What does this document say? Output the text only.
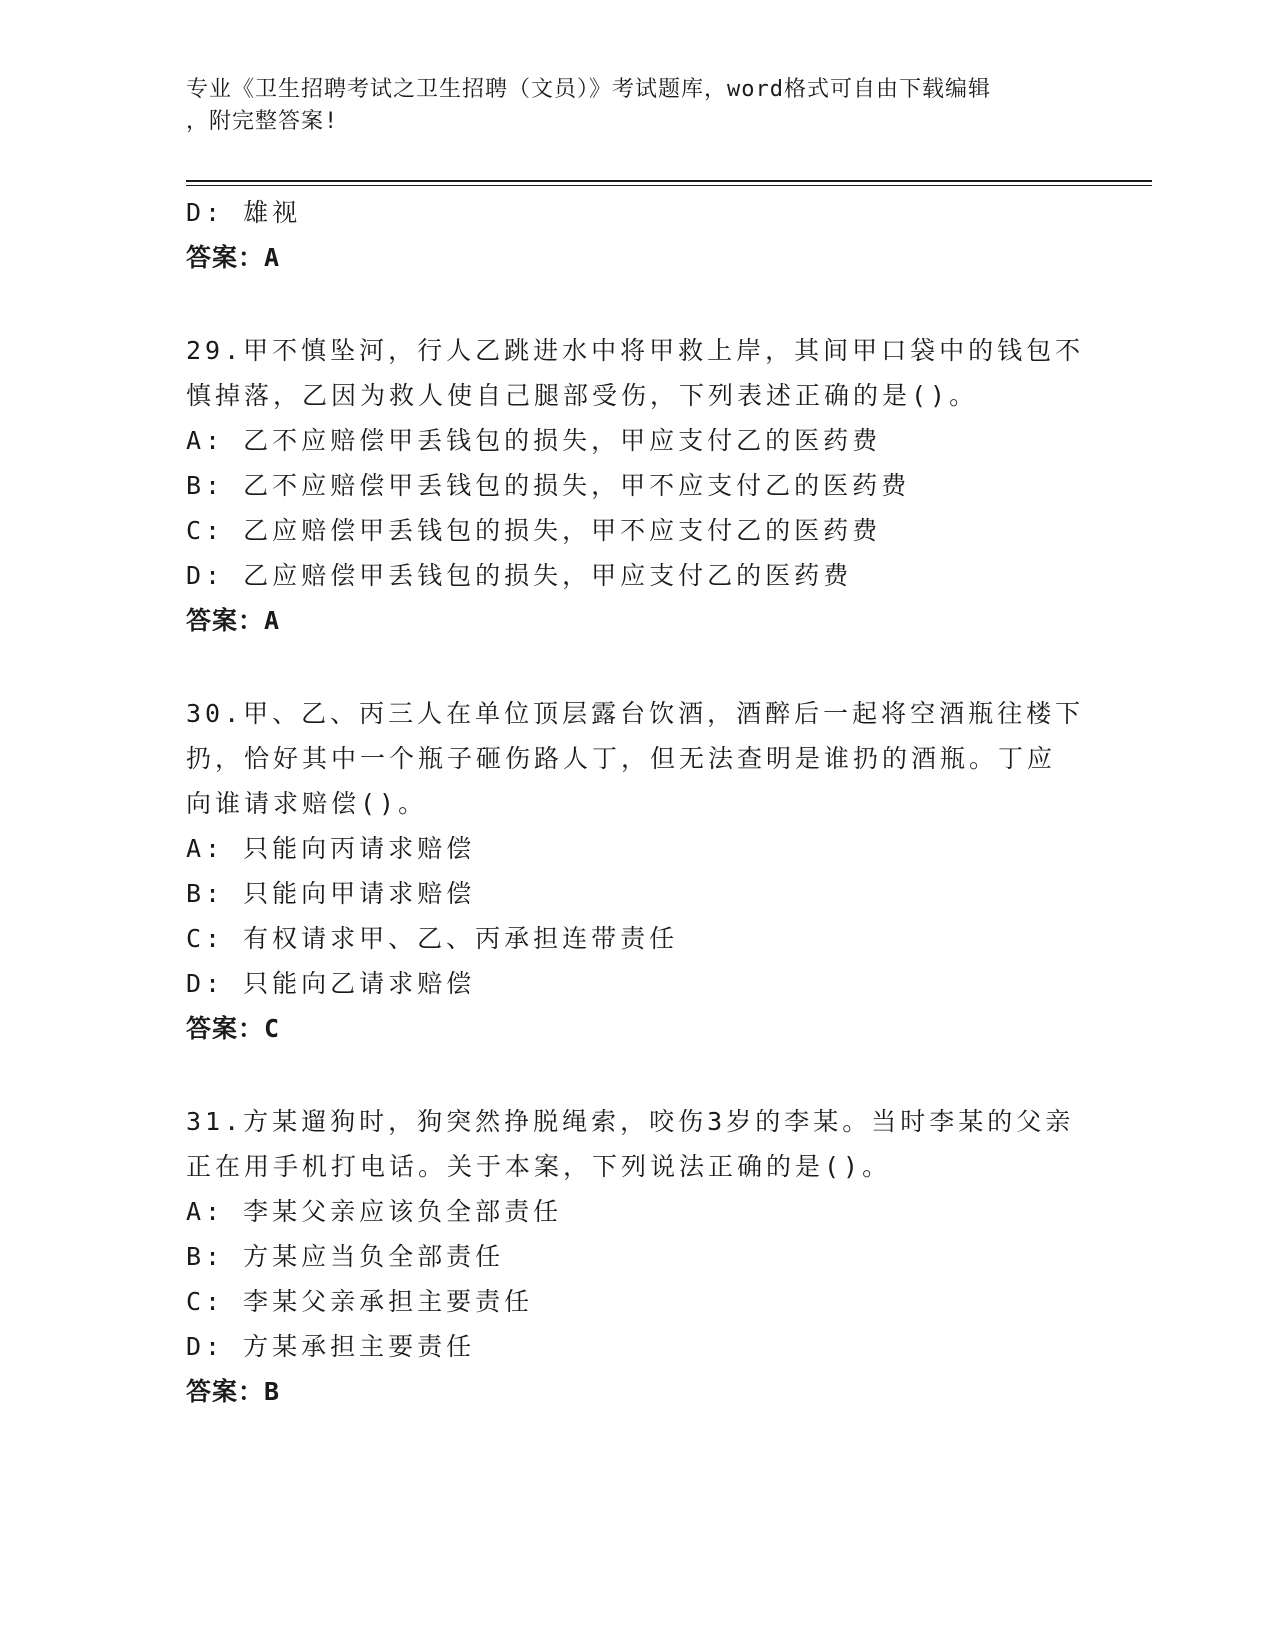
专业《卫生招聘考试之卫生招聘（文员）》考试题库，word格式可自由下载编辑
，附完整答案!
D: 雄视
答案：A
29.甲不慎坠河，行人乙跳进水中将甲救上岸，其间甲口袋中的钱包不
慎掉落，乙因为救人使自己腿部受伤，下列表述正确的是()。
A: 乙不应赔偿甲丢钱包的损失，甲应支付乙的医药费
B: 乙不应赔偿甲丢钱包的损失，甲不应支付乙的医药费
C: 乙应赔偿甲丢钱包的损失，甲不应支付乙的医药费
D: 乙应赔偿甲丢钱包的损失，甲应支付乙的医药费
答案：A
30.甲、乙、丙三人在单位顶层露台饮酒，酒醉后一起将空酒瓶往楼下
扔，恰好其中一个瓶子砸伤路人丁，但无法查明是谁扔的酒瓶。丁应
向谁请求赔偿()。
A: 只能向丙请求赔偿
B: 只能向甲请求赔偿
C: 有权请求甲、乙、丙承担连带责任
D: 只能向乙请求赔偿
答案：C
31.方某遛狗时，狗突然挣脱绳索，咬伤3岁的李某。当时李某的父亲
正在用手机打电话。关于本案，下列说法正确的是()。
A: 李某父亲应该负全部责任
B: 方某应当负全部责任
C: 李某父亲承担主要责任
D: 方某承担主要责任
答案：B
